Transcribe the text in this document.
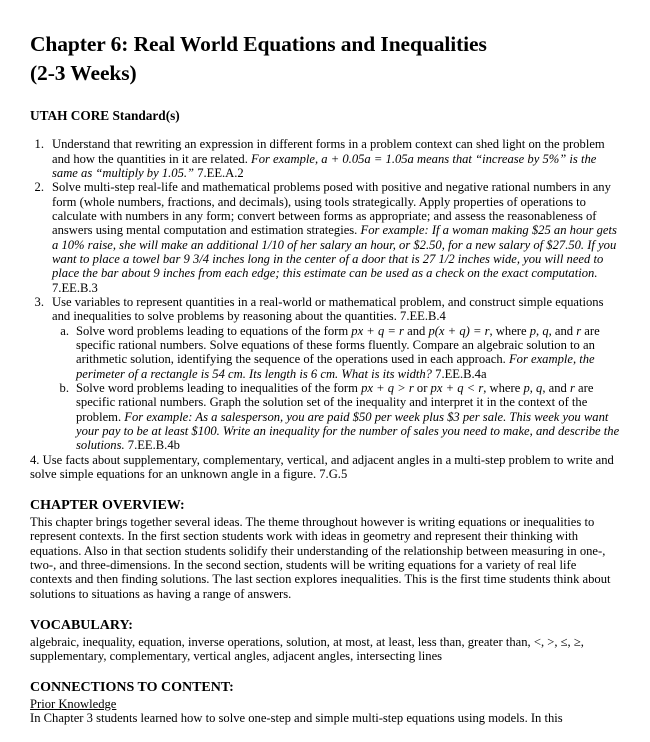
Chapter 6: Real World Equations and Inequalities
(2-3 Weeks)
UTAH CORE Standard(s)
1. Understand that rewriting an expression in different forms in a problem context can shed light on the problem and how the quantities in it are related. For example, a + 0.05a = 1.05a means that “increase by 5%” is the same as “multiply by 1.05.” 7.EE.A.2
2. Solve multi-step real-life and mathematical problems posed with positive and negative rational numbers in any form (whole numbers, fractions, and decimals), using tools strategically. Apply properties of operations to calculate with numbers in any form; convert between forms as appropriate; and assess the reasonableness of answers using mental computation and estimation strategies. For example: If a woman making $25 an hour gets a 10% raise, she will make an additional 1/10 of her salary an hour, or $2.50, for a new salary of $27.50. If you want to place a towel bar 9 3/4 inches long in the center of a door that is 27 1/2 inches wide, you will need to place the bar about 9 inches from each edge; this estimate can be used as a check on the exact computation. 7.EE.B.3
3. Use variables to represent quantities in a real-world or mathematical problem, and construct simple equations and inequalities to solve problems by reasoning about the quantities. 7.EE.B.4
a. Solve word problems leading to equations of the form px + q = r and p(x + q) = r, where p, q, and r are specific rational numbers. Solve equations of these forms fluently. Compare an algebraic solution to an arithmetic solution, identifying the sequence of the operations used in each approach. For example, the perimeter of a rectangle is 54 cm. Its length is 6 cm. What is its width? 7.EE.B.4a
b. Solve word problems leading to inequalities of the form px + q > r or px + q < r, where p, q, and r are specific rational numbers. Graph the solution set of the inequality and interpret it in the context of the problem. For example: As a salesperson, you are paid $50 per week plus $3 per sale. This week you want your pay to be at least $100. Write an inequality for the number of sales you need to make, and describe the solutions. 7.EE.B.4b
4. Use facts about supplementary, complementary, vertical, and adjacent angles in a multi-step problem to write and solve simple equations for an unknown angle in a figure. 7.G.5
CHAPTER OVERVIEW:

This chapter brings together several ideas. The theme throughout however is writing equations or inequalities to represent contexts. In the first section students work with ideas in geometry and represent their thinking with equations. Also in that section students solidify their understanding of the relationship between measuring in one-, two-, and three-dimensions. In the second section, students will be writing equations for a variety of real life contexts and then finding solutions. The last section explores inequalities. This is the first time students think about solutions to situations as having a range of answers.

VOCABULARY:

algebraic, inequality, equation, inverse operations, solution, at most, at least, less than, greater than, <, >, ≤, ≥, supplementary, complementary, vertical angles, adjacent angles, intersecting lines

CONNECTIONS TO CONTENT:
Prior Knowledge

In Chapter 3 students learned how to solve one-step and simple multi-step equations using models. In this
